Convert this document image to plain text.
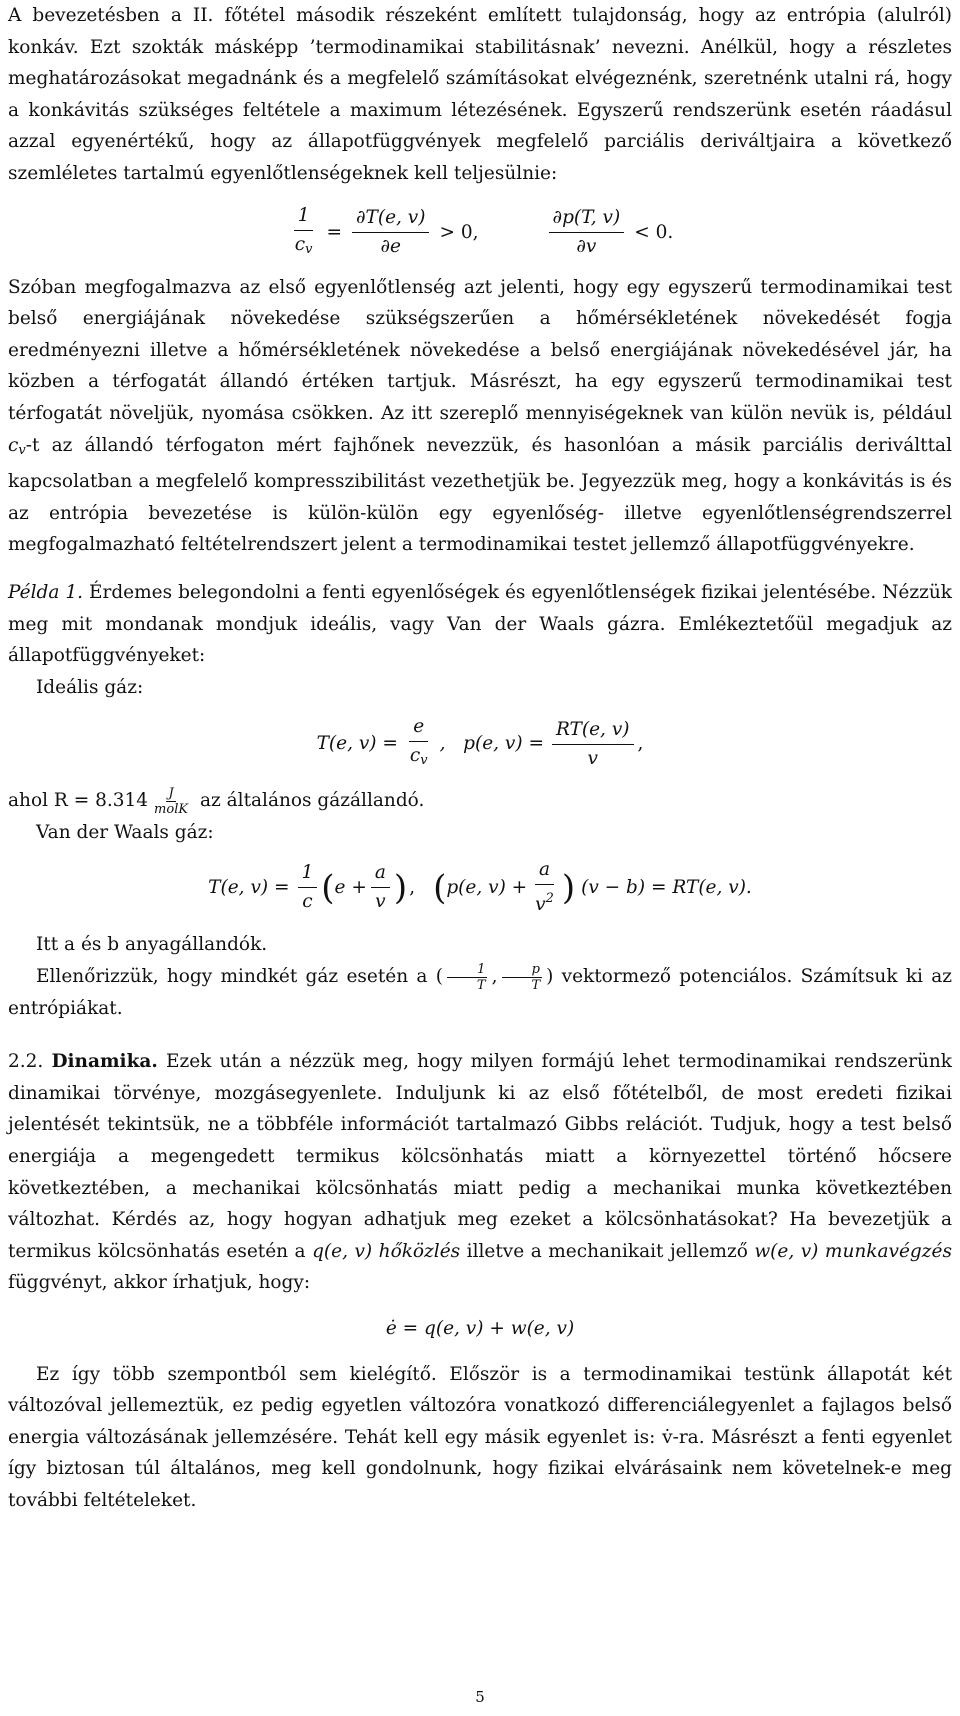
A bevezetésben a II. főtétel második részeként említett tulajdonság, hogy az entrópia (alulról) konkáv. Ezt szokták másképp ’termodinamikai stabilitásnak’ nevezni. Anélkül, hogy a részletes meghatározásokat megadnánk és a megfelelő számításokat elvégeznénk, szeretnénk utalni rá, hogy a konkávitás szükséges feltétele a maximum létezésének. Egyszerű rendszerünk esetén ráadásul azzal egyenértékű, hogy az állapotfüggvények megfelelő parciális deriváltjaira a következő szemléletes tartalmú egyenlőtlenségeknek kell teljesülnie:

$\frac{1}{c_v} = \frac{\partial T(e, v)}{\partial e} > 0$,	$\frac{\partial p(T, v)}{\partial v} < 0$.

Szóban megfogalmazva az első egyenlőtlenség azt jelenti, hogy egy egyszerű termodinamikai test belső energiájának növekedése szükségszerűen a hőmérsékletének növekedését fogja eredményezni illetve a hőmérsékletének növekedése a belső energiájának növekedésével jár, ha közben a térfogatát állandó értéken tartjuk. Másrészt, ha egy egyszerű termodinamikai test térfogatát növeljük, nyomása csökken. Az itt szereplő mennyiségeknek van külön nevük is, például $c_v-t$ az állandó térfogaton mért fajhőnek nevezzük, és hasonlóan a másik parciális deriválttal kapcsolatban a megfelelő kompresszibilitást vezethetjük be. Jegyezzük meg, hogy a konkávitás is és az entrópia bevezetése is külön-külön egy egyenlőség- illetve egyenlőtlenségrendszerrel megfogalmazható feltételrendszert jelent a termodinamikai testet jellemző állapotfüggvényekre.

Példa 1. Érdemes belegondolni a fenti egyenlőségek és egyenlőtlenségek fizikai jelentésébe. Nézzük meg mit mondanak mondjuk ideális, vagy Van der Waals gázra. Emlékeztetőül megadjuk az állapotfüggvényeket:

Ideális gáz:

T(e, $v) = \frac{e}{c_v}$ ,   p(e, $v) = \frac{RT(e, v)}{v}$ ,

ahol $R = 8.314 \frac{J}{\text{molK}}$ az általános gázállandó.

Van der Waals gáz:

T(e, $v) = \frac{1}{c}$ ( $e + \frac{a}{v}$ ) , ( p(e, $v) + \frac{a}{v^2}$ ) (v − b) = RT(e, v).

Itt a és b anyagállandók.

Ellenőrizzük, hogy mindkét gáz esetén a ( $\frac{1}{T}$ , $\frac{p}{T}$ ) vektormező potenciálos. Számítsuk ki az entrópiákat.

2.2. Dinamika. Ezek után a nézzük meg, hogy milyen formájú lehet termodinamikai rendszerünk dinamikai törvénye, mozgásegyenlete. Induljunk ki az első főtételből, de most eredeti fizikai jelentését tekintsük, ne a többféle információt tartalmazó Gibbs relációt. Tudjuk, hogy a test belső energiája a megengedett termikus kölcsönhatás miatt a környezettel történő hőcsere következtében, a mechanikai kölcsönhatás miatt pedig a mechanikai munka következtében változhat. Kérdés az, hogy hogyan adhatjuk meg ezeket a kölcsönhatásokat? Ha bevezetjük a termikus kölcsönhatás esetén a q(e, v) hőközlés illetve a mechanikait jellemző w(e, v) munkavégzés függvényt, akkor írhatjuk, hogy:

ė = q(e, v) + w(e, v)

Ez így több szempontból sem kielégítő. Először is a termodinamikai testünk állapotát két változóval jellemeztük, ez pedig egyetlen változóra vonatkozó differenciálegyenlet a fajlagos belső energia változásának jellemzésére. Tehát kell egy másik egyenlet is: v̇-ra. Másrészt a fenti egyenlet így biztosan túl általános, meg kell gondolnunk, hogy fizikai elvárásaink nem követelnek-e meg további feltételeket.

5
